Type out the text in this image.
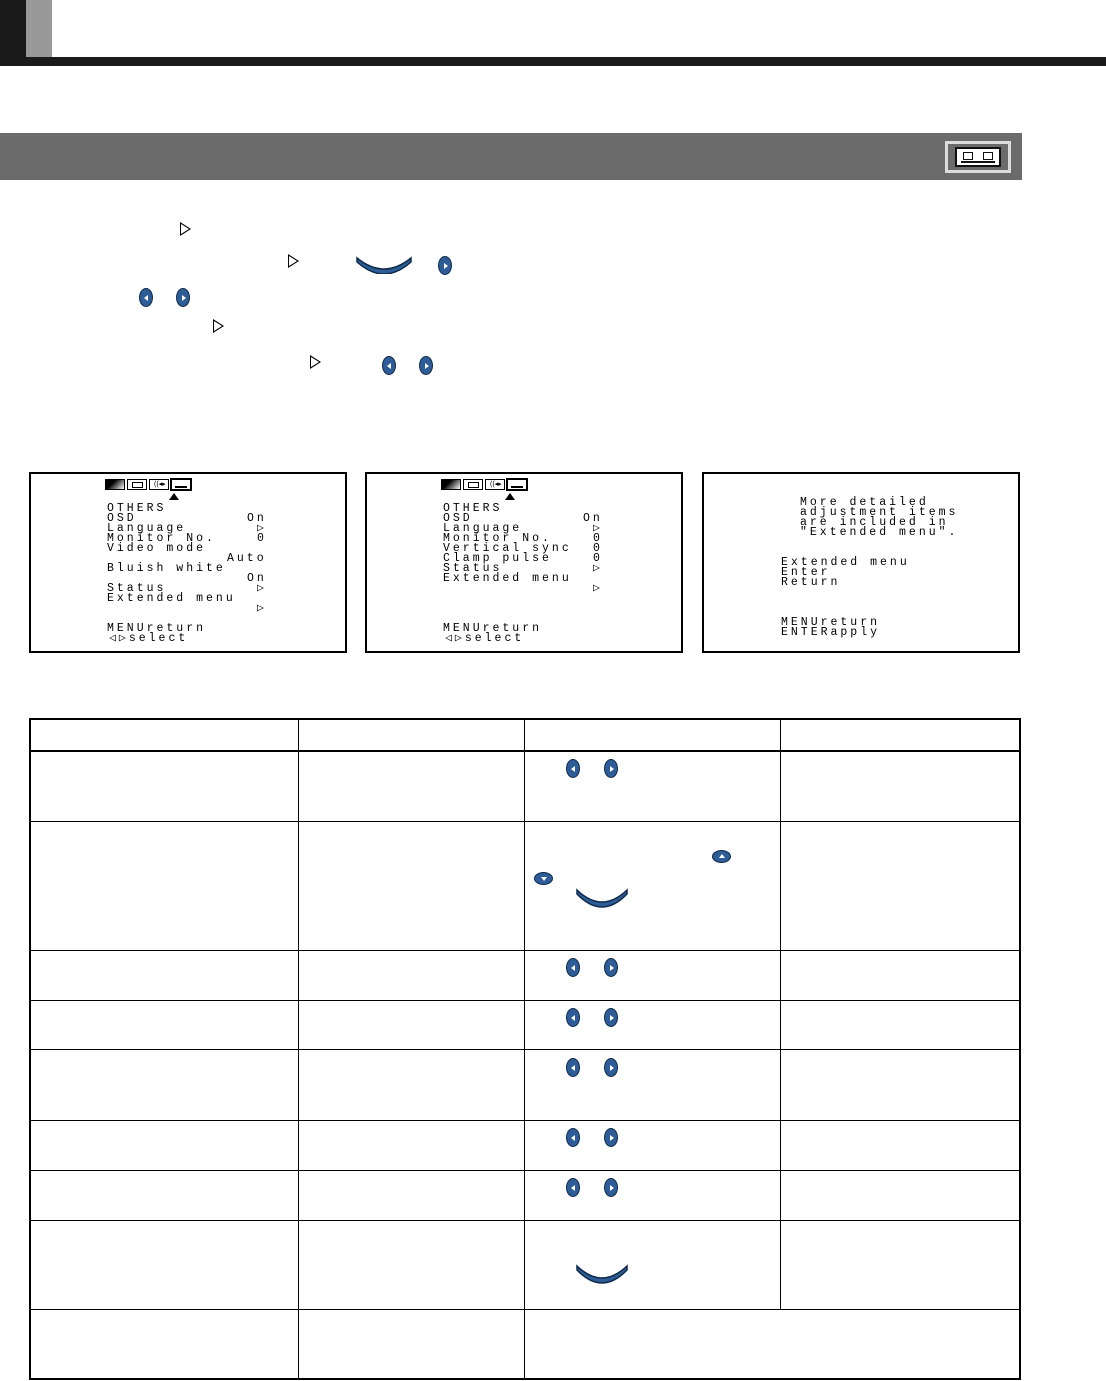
((◂▸
OTHERS
OSD	On
Language	▷
Monitor No.	0
Video mode
Auto
Bluish white
On
Status	▷
Extended menu
▷
MENUreturn
◁▷select
((◂▸
OTHERS
OSD	On
Language	▷
Monitor No.	0
Vertical sync 0
Clamp pulse	0
Status	▷
Extended menu
▷
MENUreturn
◁▷select
More detailed
adjustment items
are included in
"Extended menu".
Extended menu
Enter
Return
MENUreturn
ENTERapply
